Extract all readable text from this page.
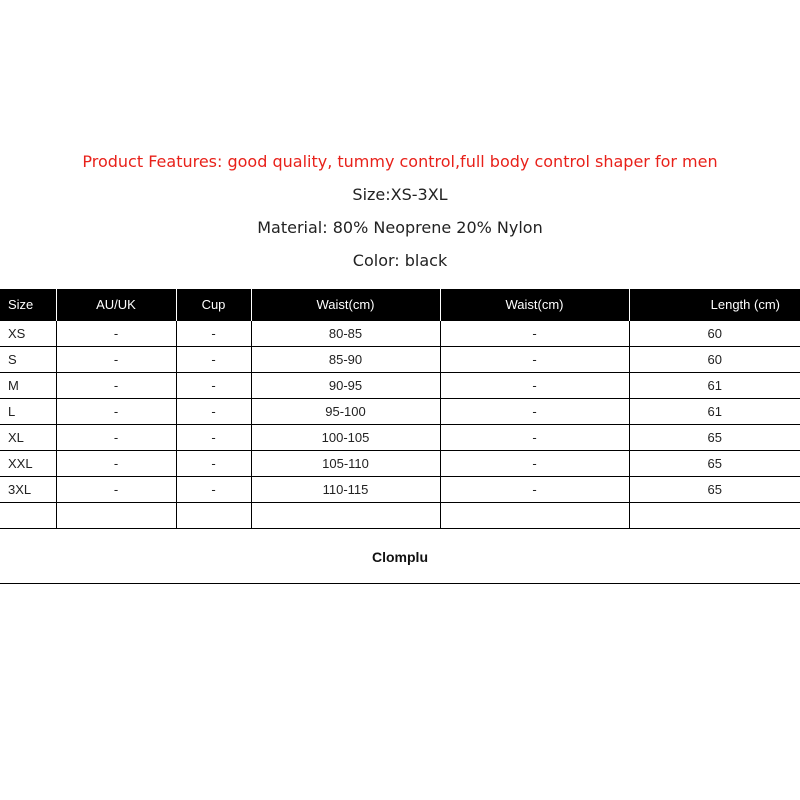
Product Features: good quality, tummy control,full body control shaper for men
Size:XS-3XL
Material: 80% Neoprene 20% Nylon
Color: black
Size	AU/UK	Cup	Waist(cm)	Waist(cm)	Length (cm)
XS	-	-	80-85	-	60
S	-	-	85-90	-	60
M	-	-	90-95	-	61
L	-	-	95-100	-	61
XL	-	-	100-105	-	65
XXL	-	-	105-110	-	65
3XL	-	-	110-115	-	65

Clomplu
